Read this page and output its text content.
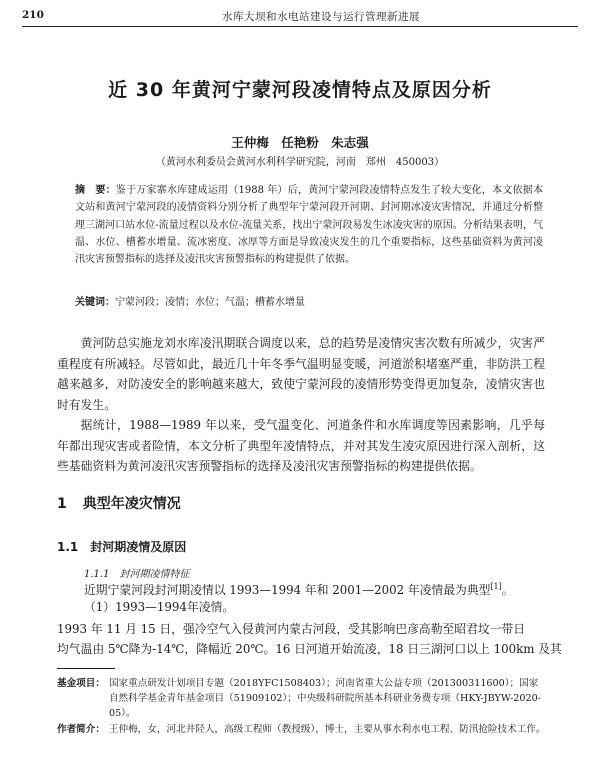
210	水库大坝和水电站建设与运行管理新进展
近 30 年黄河宁蒙河段凌情特点及原因分析
王仲梅　任艳粉　朱志强
（黄河水利委员会黄河水利科学研究院，河南　郑州　450003）
摘　要：鉴于万家寨水库建成运用（1988 年）后，黄河宁蒙河段凌情特点发生了较大变化，本文依据本文站和黄河宁蒙河段的凌情资料分别分析了典型年宁蒙河段开河期、封河期冰凌灾害情况，并通过分析整理三湖河口站水位-流量过程以及水位-流量关系，找出宁蒙河段易发生冰凌灾害的原因。分析结果表明，气温、水位、槽蓄水增量、流冰密度、冰厚等方面是导致凌灾发生的几个重要指标，这些基础资料为黄河凌汛灾害预警指标的选择及凌汛灾害预警指标的构建提供了依据。
关键词：宁蒙河段；凌情；水位；气温；槽蓄水增量
黄河防总实施龙刘水库凌汛期联合调度以来，总的趋势是凌情灾害次数有所减少，灾害严重程度有所减轻。尽管如此，最近几十年冬季气温明显变暖，河道淤积堵塞严重，非防洪工程越来越多，对防凌安全的影响越来越大，致使宁蒙河段的凌情形势变得更加复杂，凌情灾害也时有发生。
据统计，1988—1989 年以来，受气温变化、河道条件和水库调度等因素影响，几乎每年都出现灾害或者险情，本文分析了典型年凌情特点，并对其发生凌灾原因进行深入剖析，这些基础资料为黄河凌汛灾害预警指标的选择及凌汛灾害预警指标的构建提供依据。
1 典型年凌灾情况
1.1 封河期凌情及原因
1.1.1 封河期凌情特征
近期宁蒙河段封河期凌情以 1993—1994 年和 2001—2002 年凌情最为典型[1]。
（1）1993—1994年凌情。
1993 年 11 月 15 日，强冷空气入侵黄河内蒙古河段，受其影响巴彦高勒至昭君坟一带日
均气温由 5℃降为-14℃，降幅近 20℃。16 日河道开始流凌，18 日三湖河口以上 100km 及其
基金项目： 国家重点研发计划项目专题（2018YFC1508403）；河南省重大公益专项（201300311600）；国家自然科学基金青年基金项目（51909102）；中央级科研院所基本科研业务费专项（HKY-JBYW-2020-05）。
作者简介： 王仲梅，女，河北井陉人，高级工程师（教授级），博士，主要从事水利水电工程、防汛抢险技术工作。
